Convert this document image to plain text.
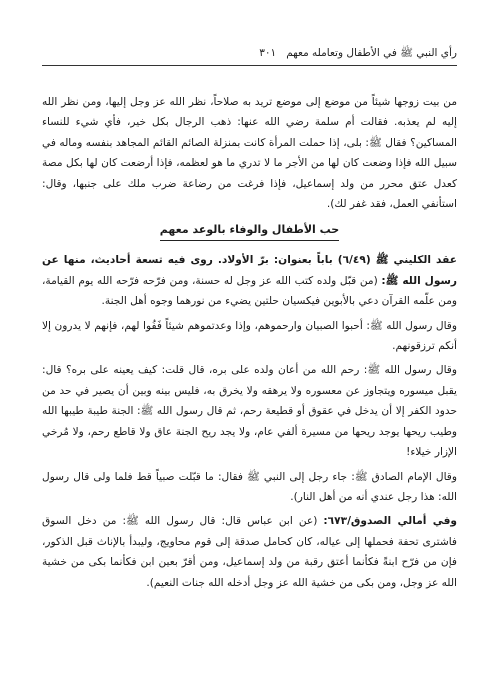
رأي النبي ﷺ في الأطفال وتعامله معهم
٣٠١

من بيت زوجها شيئاً من موضع إلى موضع تريد به صلاحاً، نظر الله عز وجل إليها، ومن نظر الله إليه لم يعذبه. فقالت أم سلمة رضي الله عنها: ذهب الرجال بكل خير، فأي شيء للنساء المساكين؟ فقال ﷺ: بلى، إذا حملت المرأة كانت بمنزلة الصائم القائم المجاهد بنفسه وماله في سبيل الله فإذا وضعت كان لها من الأجر ما لا تدري ما هو لعظمه، فإذا أرضعت كان لها بكل مصة كعدل عتق محرر من ولد إسماعيل، فإذا فرغت من رضاعة ضرب ملك على جنبها، وقال: استأنفي العمل، فقد غفر لك).

حب الأطفال والوفاء بالوعد معهم

عقد الكليني ﷺ (٦/٤٩) باباً بعنوان: برّ الأولاد. روى فيه تسعة أحاديث، منها عن رسول الله ﷺ: (من قبّل ولده كتب الله عز وجل له حسنة، ومن فرّحه فرّحه الله يوم القيامة، ومن علّمه القرآن دعي بالأبوين فيكسيان حلتين يضيء من نورهما وجوه أهل الجنة.

وقال رسول الله ﷺ: أحبوا الصبيان وارحموهم، وإذا وعدتموهم شيئاً فَفُوا لهم، فإنهم لا يدرون إلا أنكم ترزقونهم.

وقال رسول الله ﷺ: رحم الله من أعان ولده على بره، قال قلت: كيف يعينه على بره؟ قال: يقبل ميسوره ويتجاوز عن معسوره ولا يرهقه ولا يخرق به، فليس بينه وبين أن يصير في حد من حدود الكفر إلا أن يدخل في عقوق أو قطيعة رحم، ثم قال رسول الله ﷺ: الجنة طيبة طيبها الله وطيب ريحها يوجد ريحها من مسيرة ألفي عام، ولا يجد ريح الجنة عاق ولا قاطع رحم، ولا مُرخي الإزار خيلاء!

وقال الإمام الصادق ﷺ: جاء رجل إلى النبي ﷺ فقال: ما قبّلت صبياً قط فلما ولى قال رسول الله: هذا رجل عندي أنه من أهل النار).

وفي أمالي الصدوق/٦٧٣: (عن ابن عباس قال: قال رسول الله ﷺ: من دخل السوق فاشترى تحفة فحملها إلى عياله، كان كحامل صدقة إلى قوم محاويج، وليبدأ بالإناث قبل الذكور، فإن من فرّح ابنةً فكأنما أعتق رقبة من ولد إسماعيل، ومن أقرّ بعين ابن فكأنما بكى من خشية الله عز وجل، ومن بكى من خشية الله عز وجل أدخله الله جنات النعيم).
